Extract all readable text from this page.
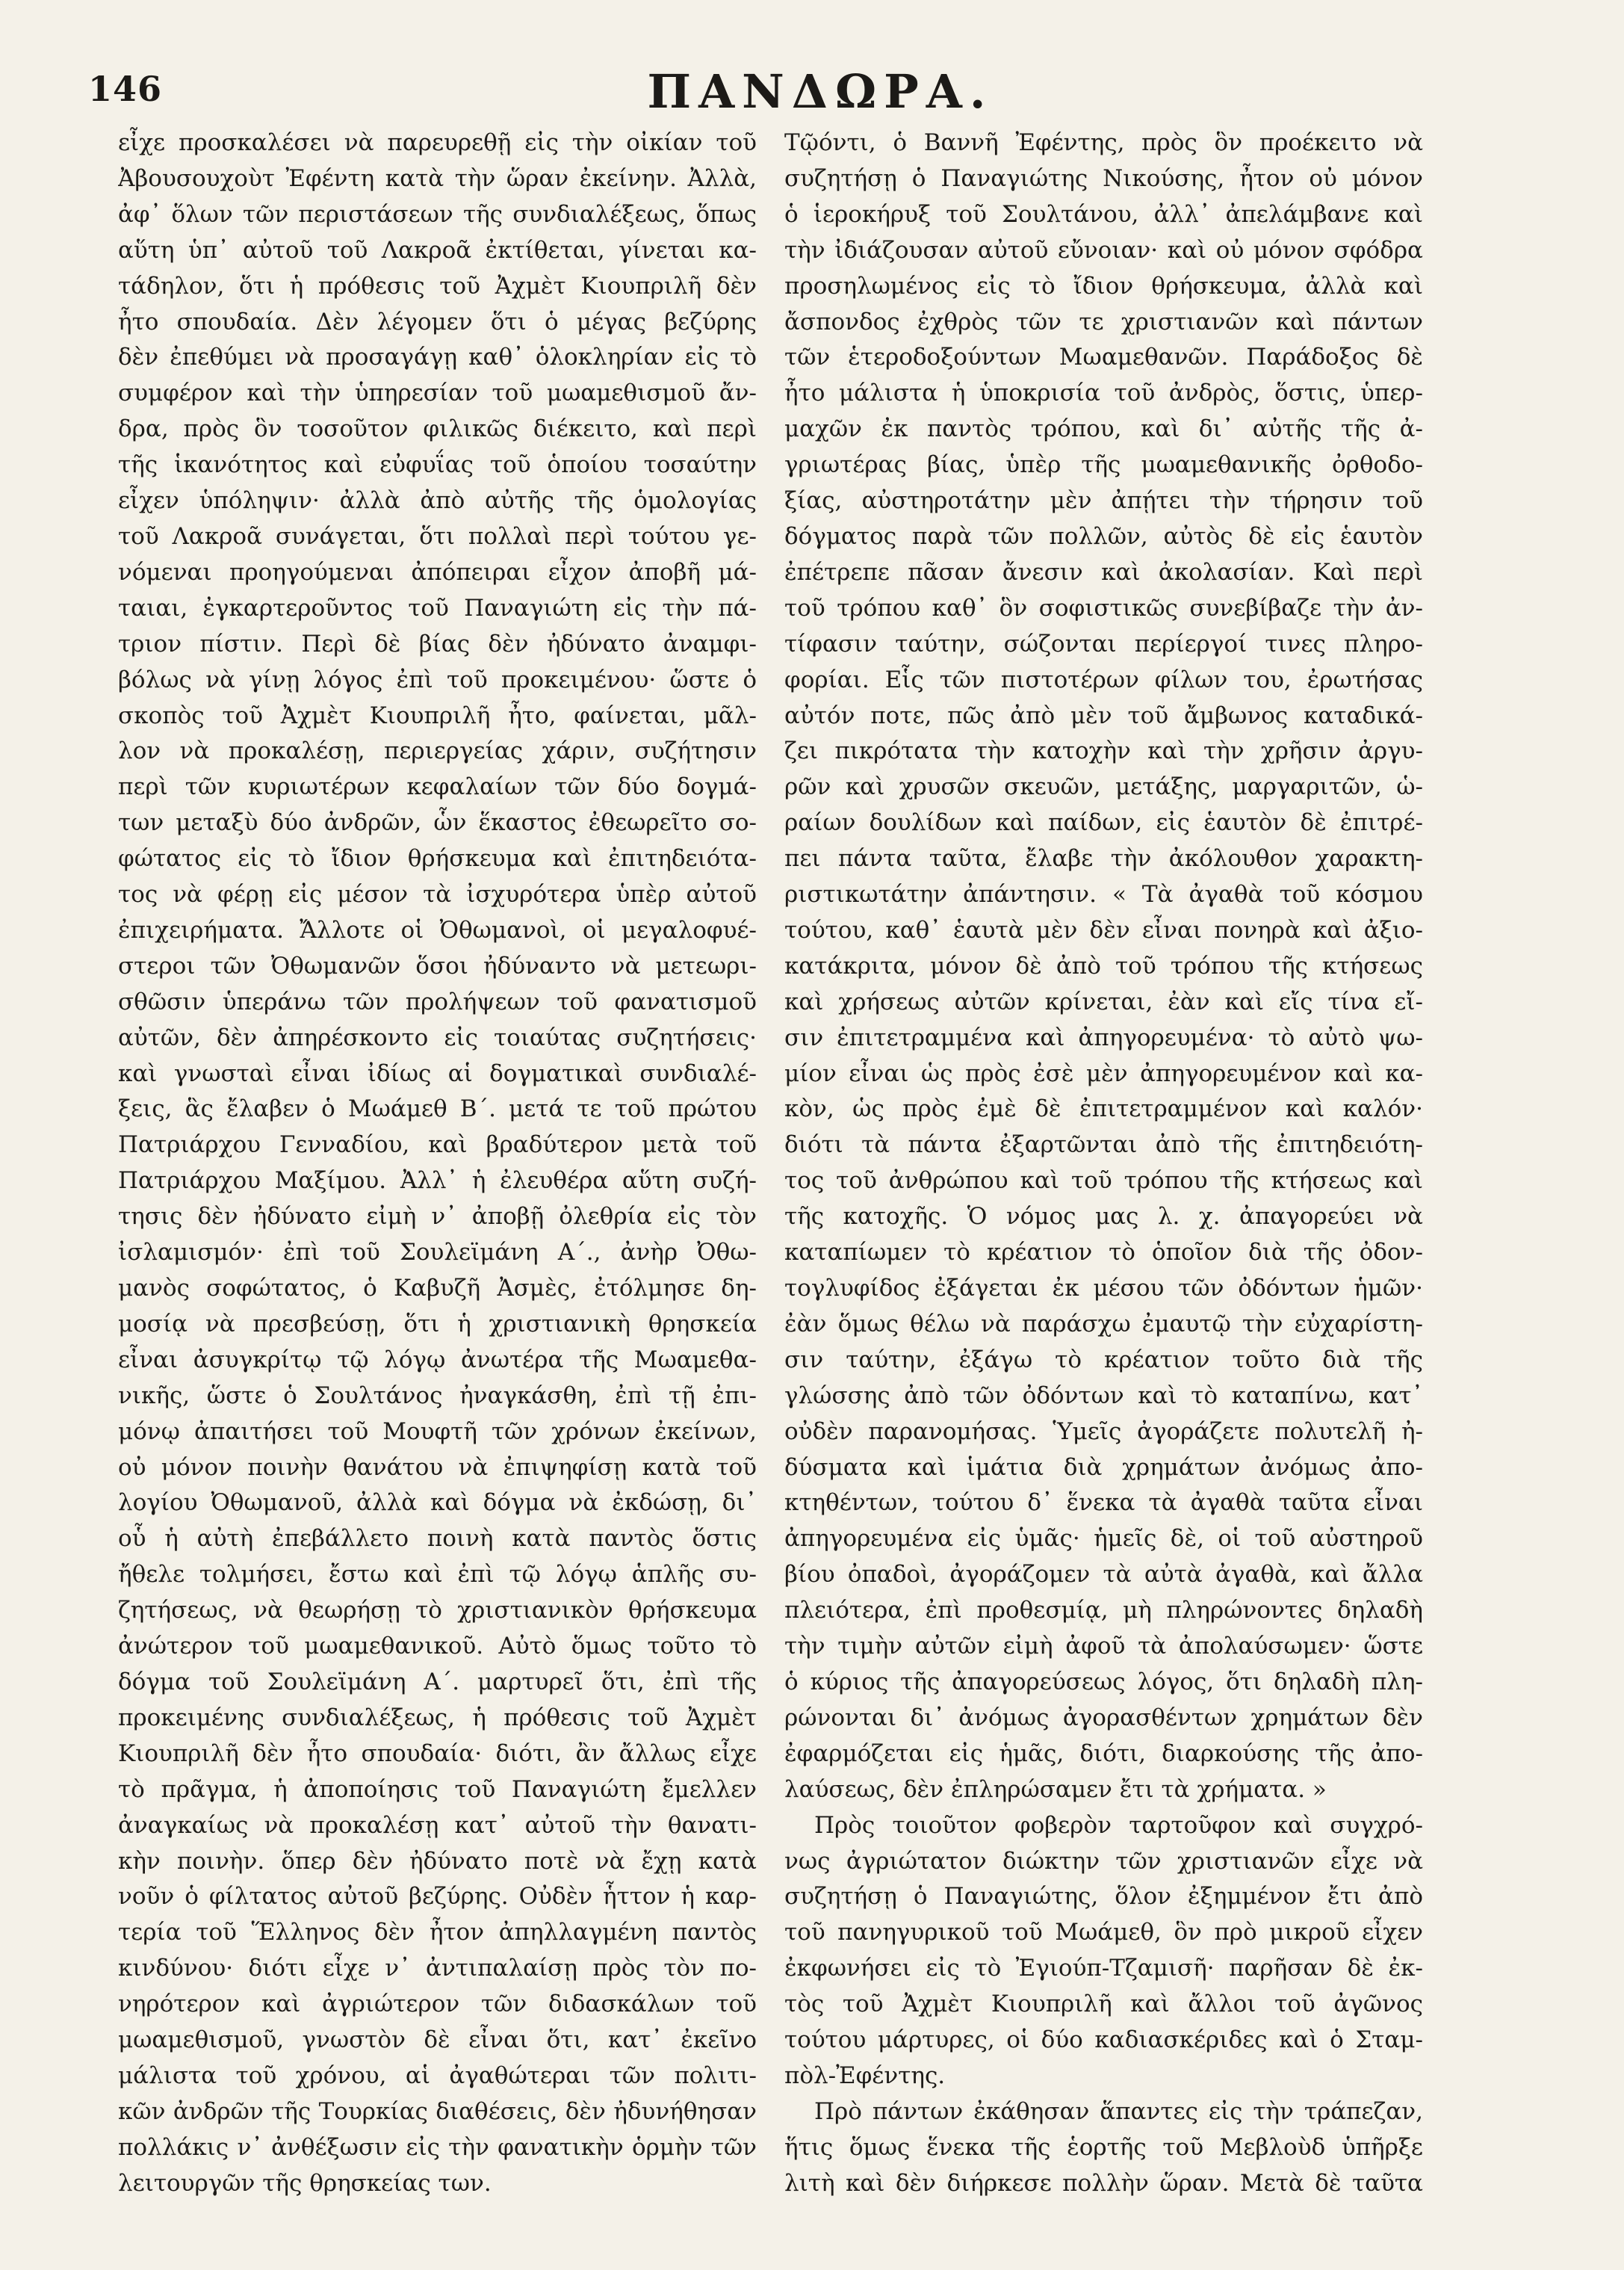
146	ΠΑΝΔΩΡΑ.
εἶχε προσκαλέσει νὰ παρευρεθῇ εἰς τὴν οἰκίαν τοῦ
Ἀβουσουχοὺτ Ἐφέντη κατὰ τὴν ὥραν ἐκείνην. Ἀλλὰ,
ἀφ᾽ ὅλων τῶν περιστάσεων τῆς συνδιαλέξεως, ὅπως
αὕτη ὑπ᾽ αὐτοῦ τοῦ Λακροᾶ ἐκτίθεται, γίνεται κα-
τάδηλον, ὅτι ἡ πρόθεσις τοῦ Ἀχμὲτ Κιουπριλῆ δὲν
ἦτο σπουδαία. Δὲν λέγομεν ὅτι ὁ μέγας βεζύρης
δὲν ἐπεθύμει νὰ προσαγάγῃ καθ᾽ ὁλοκληρίαν εἰς τὸ
συμφέρον καὶ τὴν ὑπηρεσίαν τοῦ μωαμεθισμοῦ ἄν-
δρα, πρὸς ὃν τοσοῦτον φιλικῶς διέκειτο, καὶ περὶ
τῆς ἱκανότητος καὶ εὐφυΐας τοῦ ὁποίου τοσαύτην
εἶχεν ὑπόληψιν· ἀλλὰ ἀπὸ αὐτῆς τῆς ὁμολογίας
τοῦ Λακροᾶ συνάγεται, ὅτι πολλαὶ περὶ τούτου γε-
νόμεναι προηγούμεναι ἀπόπειραι εἶχον ἀποβῆ μά-
ταιαι, ἐγκαρτεροῦντος τοῦ Παναγιώτη εἰς τὴν πά-
τριον πίστιν. Περὶ δὲ βίας δὲν ἠδύνατο ἀναμφι-
βόλως νὰ γίνῃ λόγος ἐπὶ τοῦ προκειμένου· ὥστε ὁ
σκοπὸς τοῦ Ἀχμὲτ Κιουπριλῆ ἦτο, φαίνεται, μᾶλ-
λον νὰ προκαλέσῃ, περιεργείας χάριν, συζήτησιν
περὶ τῶν κυριωτέρων κεφαλαίων τῶν δύο δογμά-
των μεταξὺ δύο ἀνδρῶν, ὧν ἕκαστος ἐθεωρεῖτο σο-
φώτατος εἰς τὸ ἴδιον θρήσκευμα καὶ ἐπιτηδειότα-
τος νὰ φέρῃ εἰς μέσον τὰ ἰσχυρότερα ὑπὲρ αὐτοῦ
ἐπιχειρήματα. Ἄλλοτε οἱ Ὀθωμανοὶ, οἱ μεγαλοφυέ-
στεροι τῶν Ὀθωμανῶν ὅσοι ἠδύναντο νὰ μετεωρι-
σθῶσιν ὑπεράνω τῶν προλήψεων τοῦ φανατισμοῦ
αὐτῶν, δὲν ἀπηρέσκοντο εἰς τοιαύτας συζητήσεις·
καὶ γνωσταὶ εἶναι ἰδίως αἱ δογματικαὶ συνδιαλέ-
ξεις, ἃς ἔλαβεν ὁ Μωάμεθ Β΄. μετά τε τοῦ πρώτου
Πατριάρχου Γενναδίου, καὶ βραδύτερον μετὰ τοῦ
Πατριάρχου Μαξίμου. Ἀλλ᾽ ἡ ἐλευθέρα αὕτη συζή-
τησις δὲν ἠδύνατο εἰμὴ ν᾽ ἀποβῇ ὀλεθρία εἰς τὸν
ἰσλαμισμόν· ἐπὶ τοῦ Σουλεϊμάνη Α΄., ἀνὴρ Ὀθω-
μανὸς σοφώτατος, ὁ Καβυζῆ Ἀσμὲς, ἐτόλμησε δη-
μοσίᾳ νὰ πρεσβεύσῃ, ὅτι ἡ χριστιανικὴ θρησκεία
εἶναι ἀσυγκρίτῳ τῷ λόγῳ ἀνωτέρα τῆς Μωαμεθα-
νικῆς, ὥστε ὁ Σουλτάνος ἠναγκάσθη, ἐπὶ τῇ ἐπι-
μόνῳ ἀπαιτήσει τοῦ Μουφτῆ τῶν χρόνων ἐκείνων,
οὐ μόνον ποινὴν θανάτου νὰ ἐπιψηφίσῃ κατὰ τοῦ
λογίου Ὀθωμανοῦ, ἀλλὰ καὶ δόγμα νὰ ἐκδώσῃ, δι᾽
οὗ ἡ αὐτὴ ἐπεβάλλετο ποινὴ κατὰ παντὸς ὅστις
ἤθελε τολμήσει, ἔστω καὶ ἐπὶ τῷ λόγῳ ἁπλῆς συ-
ζητήσεως, νὰ θεωρήσῃ τὸ χριστιανικὸν θρήσκευμα
ἀνώτερον τοῦ μωαμεθανικοῦ. Αὐτὸ ὅμως τοῦτο τὸ
δόγμα τοῦ Σουλεϊμάνη Α΄. μαρτυρεῖ ὅτι, ἐπὶ τῆς
προκειμένης συνδιαλέξεως, ἡ πρόθεσις τοῦ Ἀχμὲτ
Κιουπριλῆ δὲν ἦτο σπουδαία· διότι, ἂν ἄλλως εἶχε
τὸ πρᾶγμα, ἡ ἀποποίησις τοῦ Παναγιώτη ἔμελλεν
ἀναγκαίως νὰ προκαλέσῃ κατ᾽ αὐτοῦ τὴν θανατι-
κὴν ποινὴν. ὅπερ δὲν ἠδύνατο ποτὲ νὰ ἔχῃ κατὰ
νοῦν ὁ φίλτατος αὐτοῦ βεζύρης. Οὐδὲν ἧττον ἡ καρ-
τερία τοῦ Ἕλληνος δὲν ἦτον ἀπηλλαγμένη παντὸς
κινδύνου· διότι εἶχε ν᾽ ἀντιπαλαίσῃ πρὸς τὸν πο-
νηρότερον καὶ ἀγριώτερον τῶν διδασκάλων τοῦ
μωαμεθισμοῦ, γνωστὸν δὲ εἶναι ὅτι, κατ᾽ ἐκεῖνο
μάλιστα τοῦ χρόνου, αἱ ἀγαθώτεραι τῶν πολιτι-
κῶν ἀνδρῶν τῆς Τουρκίας διαθέσεις, δὲν ἠδυνήθησαν
πολλάκις ν᾽ ἀνθέξωσιν εἰς τὴν φανατικὴν ὁρμὴν τῶν
λειτουργῶν τῆς θρησκείας των.
Τῷόντι, ὁ Βαννῆ Ἐφέντης, πρὸς ὃν προέκειτο νὰ
συζητήσῃ ὁ Παναγιώτης Νικούσης, ἦτον οὐ μόνον
ὁ ἱεροκήρυξ τοῦ Σουλτάνου, ἀλλ᾽ ἀπελάμβανε καὶ
τὴν ἰδιάζουσαν αὐτοῦ εὔνοιαν· καὶ οὐ μόνον σφόδρα
προσηλωμένος εἰς τὸ ἴδιον θρήσκευμα, ἀλλὰ καὶ
ἄσπονδος ἐχθρὸς τῶν τε χριστιανῶν καὶ πάντων
τῶν ἑτεροδοξούντων Μωαμεθανῶν. Παράδοξος δὲ
ἦτο μάλιστα ἡ ὑποκρισία τοῦ ἀνδρὸς, ὅστις, ὑπερ-
μαχῶν ἐκ παντὸς τρόπου, καὶ δι᾽ αὐτῆς τῆς ἀ-
γριωτέρας βίας, ὑπὲρ τῆς μωαμεθανικῆς ὀρθοδο-
ξίας, αὐστηροτάτην μὲν ἀπῄτει τὴν τήρησιν τοῦ
δόγματος παρὰ τῶν πολλῶν, αὐτὸς δὲ εἰς ἑαυτὸν
ἐπέτρεπε πᾶσαν ἄνεσιν καὶ ἀκολασίαν. Καὶ περὶ
τοῦ τρόπου καθ᾽ ὃν σοφιστικῶς συνεβίβαζε τὴν ἀν-
τίφασιν ταύτην, σώζονται περίεργοί τινες πληρο-
φορίαι. Εἷς τῶν πιστοτέρων φίλων του, ἐρωτήσας
αὐτόν ποτε, πῶς ἀπὸ μὲν τοῦ ἄμβωνος καταδικά-
ζει πικρότατα τὴν κατοχὴν καὶ τὴν χρῆσιν ἀργυ-
ρῶν καὶ χρυσῶν σκευῶν, μετάξης, μαργαριτῶν, ὡ-
ραίων δουλίδων καὶ παίδων, εἰς ἑαυτὸν δὲ ἐπιτρέ-
πει πάντα ταῦτα, ἔλαβε τὴν ἀκόλουθον χαρακτη-
ριστικωτάτην ἀπάντησιν. « Τὰ ἀγαθὰ τοῦ κόσμου
τούτου, καθ᾽ ἑαυτὰ μὲν δὲν εἶναι πονηρὰ καὶ ἀξιο-
κατάκριτα, μόνον δὲ ἀπὸ τοῦ τρόπου τῆς κτήσεως
καὶ χρήσεως αὐτῶν κρίνεται, ἐὰν καὶ εἴς τίνα εἴ-
σιν ἐπιτετραμμένα καὶ ἀπηγορευμένα· τὸ αὐτὸ ψω-
μίον εἶναι ὡς πρὸς ἐσὲ μὲν ἀπηγορευμένον καὶ κα-
κὸν, ὡς πρὸς ἐμὲ δὲ ἐπιτετραμμένον καὶ καλόν·
διότι τὰ πάντα ἐξαρτῶνται ἀπὸ τῆς ἐπιτηδειότη-
τος τοῦ ἀνθρώπου καὶ τοῦ τρόπου τῆς κτήσεως καὶ
τῆς κατοχῆς. Ὁ νόμος μας λ. χ. ἀπαγορεύει νὰ
καταπίωμεν τὸ κρέατιον τὸ ὁποῖον διὰ τῆς ὀδον-
τογλυφίδος ἐξάγεται ἐκ μέσου τῶν ὀδόντων ἡμῶν·
ἐὰν ὅμως θέλω νὰ παράσχω ἐμαυτῷ τὴν εὐχαρίστη-
σιν ταύτην, ἐξάγω τὸ κρέατιον τοῦτο διὰ τῆς
γλώσσης ἀπὸ τῶν ὀδόντων καὶ τὸ καταπίνω, κατ᾽
οὐδὲν παρανομήσας. Ὑμεῖς ἀγοράζετε πολυτελῆ ἠ-
δύσματα καὶ ἱμάτια διὰ χρημάτων ἀνόμως ἀπο-
κτηθέντων, τούτου δ᾽ ἕνεκα τὰ ἀγαθὰ ταῦτα εἶναι
ἀπηγορευμένα εἰς ὑμᾶς· ἡμεῖς δὲ, οἱ τοῦ αὐστηροῦ
βίου ὀπαδοὶ, ἀγοράζομεν τὰ αὐτὰ ἀγαθὰ, καὶ ἄλλα
πλειότερα, ἐπὶ προθεσμίᾳ, μὴ πληρώνοντες δηλαδὴ
τὴν τιμὴν αὐτῶν εἰμὴ ἀφοῦ τὰ ἀπολαύσωμεν· ὥστε
ὁ κύριος τῆς ἀπαγορεύσεως λόγος, ὅτι δηλαδὴ πλη-
ρώνονται δι᾽ ἀνόμως ἀγορασθέντων χρημάτων δὲν
ἐφαρμόζεται εἰς ἡμᾶς, διότι, διαρκούσης τῆς ἀπο-
λαύσεως, δὲν ἐπληρώσαμεν ἔτι τὰ χρήματα. »
Πρὸς τοιοῦτον φοβερὸν ταρτοῦφον καὶ συγχρό-
νως ἀγριώτατον διώκτην τῶν χριστιανῶν εἶχε νὰ
συζητήσῃ ὁ Παναγιώτης, ὅλον ἐξημμένον ἔτι ἀπὸ
τοῦ πανηγυρικοῦ τοῦ Μωάμεθ, ὃν πρὸ μικροῦ εἶχεν
ἐκφωνήσει εἰς τὸ Ἐγιούπ-Τζαμισῆ· παρῆσαν δὲ ἐκ-
τὸς τοῦ Ἀχμὲτ Κιουπριλῆ καὶ ἄλλοι τοῦ ἀγῶνος
τούτου μάρτυρες, οἱ δύο καδιασκέριδες καὶ ὁ Σταμ-
πὸλ-Ἐφέντης.
Πρὸ πάντων ἐκάθησαν ἅπαντες εἰς τὴν τράπεζαν,
ἥτις ὅμως ἕνεκα τῆς ἑορτῆς τοῦ Μεβλοὺδ ὑπῆρξε
λιτὴ καὶ δὲν διήρκεσε πολλὴν ὥραν. Μετὰ δὲ ταῦτα
